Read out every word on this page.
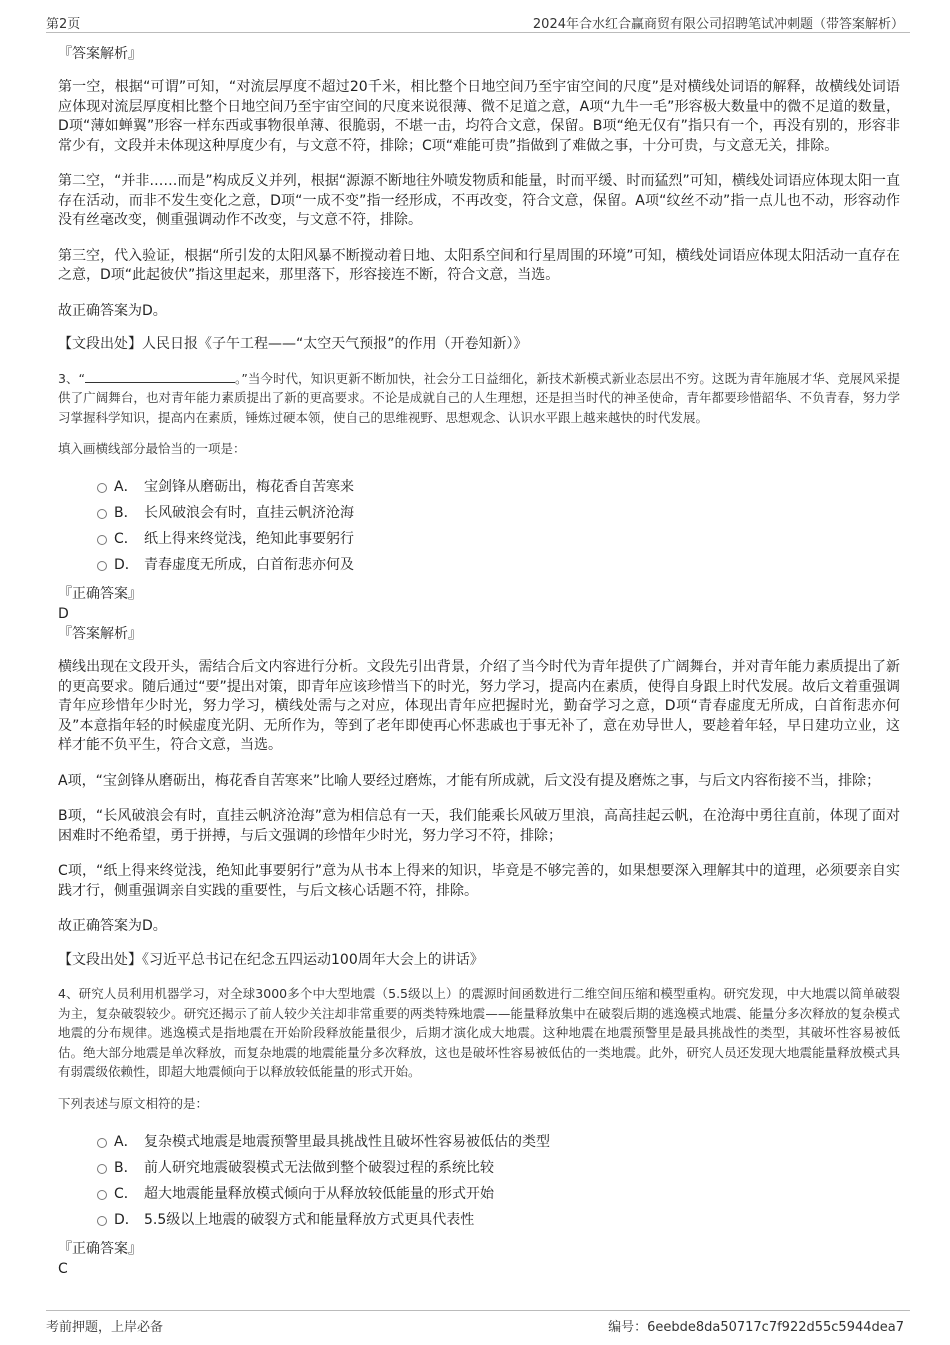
第2页	2024年合水红合赢商贸有限公司招聘笔试冲刺题（带答案解析）

『答案解析』

第一空，根据“可谓”可知，“对流层厚度不超过20千米，相比整个日地空间乃至宇宙空间的尺度”是对横线处词语的解释，故横线处词语应体现对流层厚度相比整个日地空间乃至宇宙空间的尺度来说很薄、微不足道之意，A项“九牛一毛”形容极大数量中的微不足道的数量，D项“薄如蝉翼”形容一样东西或事物很单薄、很脆弱，不堪一击，均符合文意，保留。B项“绝无仅有”指只有一个，再没有别的，形容非常少有，文段并未体现这种厚度少有，与文意不符，排除；C项“难能可贵”指做到了难做之事，十分可贵，与文意无关，排除。

第二空，“并非……而是”构成反义并列，根据“源源不断地往外喷发物质和能量，时而平缓、时而猛烈”可知，横线处词语应体现太阳一直存在活动，而非不发生变化之意，D项“一成不变”指一经形成，不再改变，符合文意，保留。A项“纹丝不动”指一点儿也不动，形容动作没有丝毫改变，侧重强调动作不改变，与文意不符，排除。

第三空，代入验证，根据“所引发的太阳风暴不断搅动着日地、太阳系空间和行星周围的环境”可知，横线处词语应体现太阳活动一直存在之意，D项“此起彼伏”指这里起来，那里落下，形容接连不断，符合文意，当选。

故正确答案为D。

【文段出处】人民日报《子午工程——“太空天气预报”的作用（开卷知新）》

3、“	。”当今时代，知识更新不断加快，社会分工日益细化，新技术新模式新业态层出不穷。这既为青年施展才华、竞展风采提供了广阔舞台，也对青年能力素质提出了新的更高要求。不论是成就自己的人生理想，还是担当时代的神圣使命，青年都要珍惜韶华、不负青春，努力学习掌握科学知识，提高内在素质，锤炼过硬本领，使自己的思维视野、思想观念、认识水平跟上越来越快的时代发展。

填入画横线部分最恰当的一项是：

A． 宝剑锋从磨砺出，梅花香自苦寒来
B． 长风破浪会有时，直挂云帆济沧海
C． 纸上得来终觉浅，绝知此事要躬行
D． 青春虚度无所成，白首衔悲亦何及

『正确答案』

D

『答案解析』

横线出现在文段开头，需结合后文内容进行分析。文段先引出背景，介绍了当今时代为青年提供了广阔舞台，并对青年能力素质提出了新的更高要求。随后通过“要”提出对策，即青年应该珍惜当下的时光，努力学习，提高内在素质，使得自身跟上时代发展。故后文着重强调青年应珍惜年少时光，努力学习，横线处需与之对应，体现出青年应把握时光，勤奋学习之意，D项“青春虚度无所成，白首衔悲亦何及”本意指年轻的时候虚度光阴、无所作为，等到了老年即使再心怀悲戚也于事无补了，意在劝导世人，要趁着年轻，早日建功立业，这样才能不负平生，符合文意，当选。

A项，“宝剑锋从磨砺出，梅花香自苦寒来”比喻人要经过磨炼，才能有所成就，后文没有提及磨炼之事，与后文内容衔接不当，排除；

B项，“长风破浪会有时，直挂云帆济沧海”意为相信总有一天，我们能乘长风破万里浪，高高挂起云帆，在沧海中勇往直前，体现了面对困难时不绝希望，勇于拼搏，与后文强调的珍惜年少时光，努力学习不符，排除；

C项，“纸上得来终觉浅，绝知此事要躬行”意为从书本上得来的知识，毕竟是不够完善的，如果想要深入理解其中的道理，必须要亲自实践才行，侧重强调亲自实践的重要性，与后文核心话题不符，排除。

故正确答案为D。

【文段出处】《习近平总书记在纪念五四运动100周年大会上的讲话》

4、研究人员利用机器学习，对全球3000多个中大型地震（5.5级以上）的震源时间函数进行二维空间压缩和模型重构。研究发现，中大地震以简单破裂为主，复杂破裂较少。研究还揭示了前人较少关注却非常重要的两类特殊地震——能量释放集中在破裂后期的逃逸模式地震、能量分多次释放的复杂模式地震的分布规律。逃逸模式是指地震在开始阶段释放能量很少，后期才演化成大地震。这种地震在地震预警里是最具挑战性的类型，其破坏性容易被低估。绝大部分地震是单次释放，而复杂地震的地震能量分多次释放，这也是破坏性容易被低估的一类地震。此外，研究人员还发现大地震能量释放模式具有弱震级依赖性，即超大地震倾向于以释放较低能量的形式开始。

下列表述与原文相符的是：

A． 复杂模式地震是地震预警里最具挑战性且破坏性容易被低估的类型
B． 前人研究地震破裂模式无法做到整个破裂过程的系统比较
C． 超大地震能量释放模式倾向于从释放较低能量的形式开始
D． 5.5级以上地震的破裂方式和能量释放方式更具代表性

『正确答案』

C

考前押题，上岸必备	编号：6eebde8da50717c7f922d55c5944dea7
